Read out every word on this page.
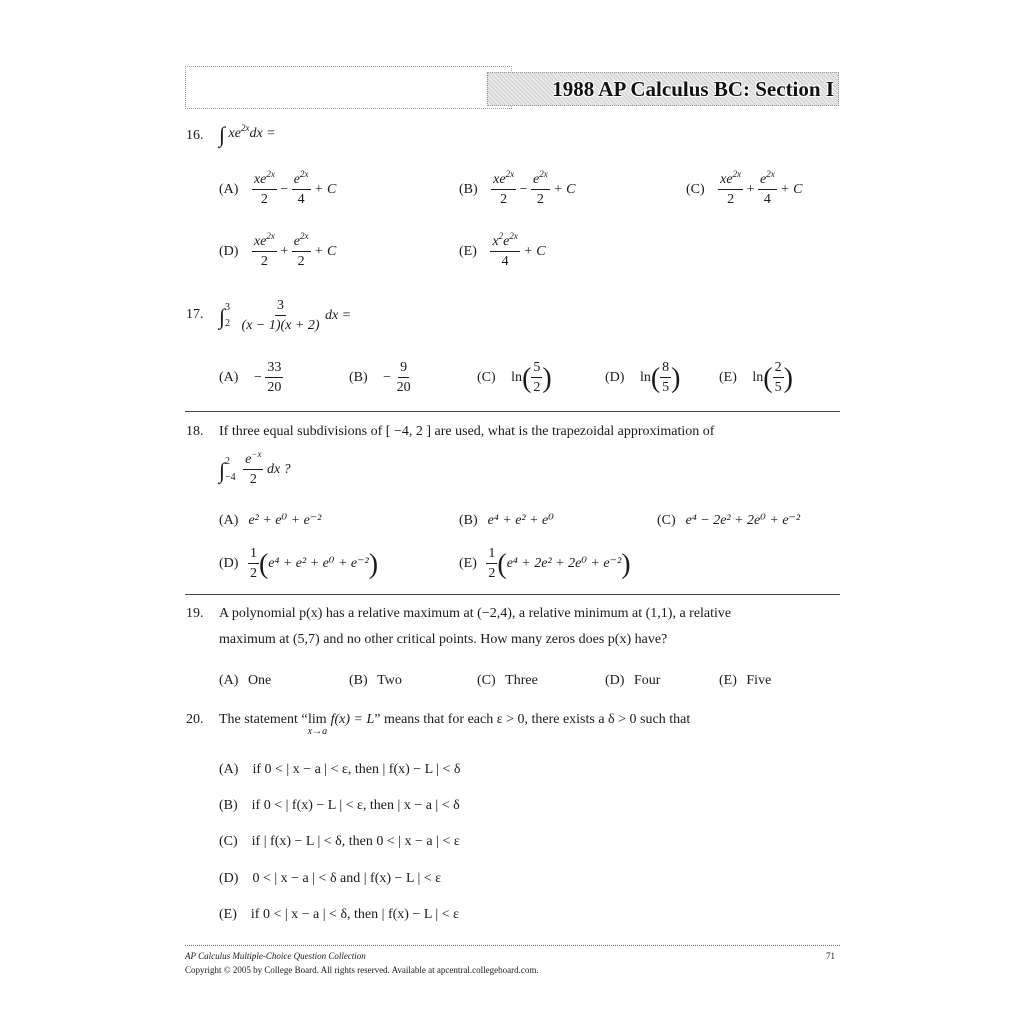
1988 AP Calculus BC: Section I
16. ∫ $xe^{2x}dx$ =
$(A) \frac{xe^{2x}}{2} - \frac{e^{2x}}{4} + C$	$(B) \frac{xe^{2x}}{2} - \frac{e^{2x}}{2} + C$	$(C) \frac{xe^{2x}}{2} + \frac{e^{2x}}{4} + C$
$(D) \frac{xe^{2x}}{2} + \frac{e^{2x}}{2} + C$	$(E) \frac{x^2e^{2x}}{4} + C$
17. ∫ 3
2
$\frac{3}{(x - 1)(x + 2)}$ dx =
$(A) - \frac{33}{20}$	$(B) - \frac{9}{20}$	(C) $\ln( \frac{5}{2}$ )	(D) $\ln( \frac{8}{5}$ )	(E) $\ln( \frac{2}{5}$ )
18. If three equal subdivisions of [ −4, 2 ] are used, what is the trapezoidal approximation of
∫ 2
−4
$\frac{e^{-x}}{2}$ dx ?
(A) e² + e⁰ + e⁻²	(B) e⁴ + e² + e⁰	(C) e⁴ − 2e² + 2e⁰ + e⁻²
$(D) \frac{1}{2} (e^4 + e^2 + e^0 + e^{-2})$	$(E) \frac{1}{2} (e^4 + 2e^2 + 2e^0 + e^{-2})$
19. A polynomial p(x) has a relative maximum at (−2,4), a relative minimum at (1,1), a relative
maximum at (5,7) and no other critical points. How many zeros does p(x) have?
(A) One	(B) Two	(C) Three	(D) Four	(E) Five
20. The statement “ lim
x→a
f(x) = L” means that for each ε > 0, there exists a δ > 0 such that
(A) if 0 < | x − a | < ε, then | f(x) − L | < δ
(B) if 0 < | f(x) − L | < ε, then | x − a | < δ
(C) if | f(x) − L | < δ, then 0 < | x − a | < ε
(D) 0 < | x − a | < δ and | f(x) − L | < ε
(E) if 0 < | x − a | < δ, then | f(x) − L | < ε
AP Calculus Multiple-Choice Question Collection	71
Copyright © 2005 by College Board. All rights reserved. Available at apcentral.collegeboard.com.
